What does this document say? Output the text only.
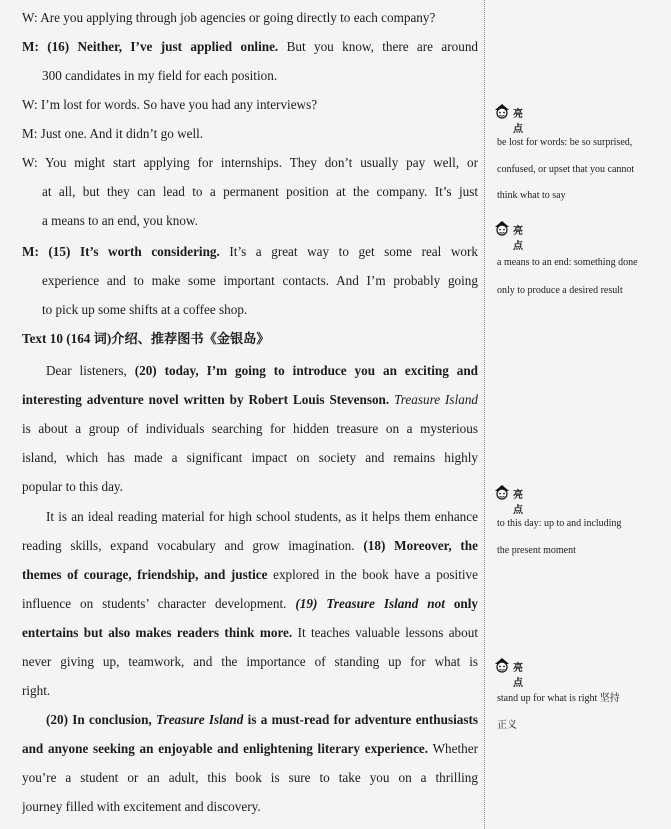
W: Are you applying through job agencies or going directly to each company?
M: (16) Neither, I’ve just applied online. But you know, there are around
300 candidates in my field for each position.
W: I’m lost for words. So have you had any interviews?
M: Just one. And it didn’t go well.
W: You might start applying for internships. They don’t usually pay well, or
at all, but they can lead to a permanent position at the company. It’s just
a means to an end, you know.
M: (15) It’s worth considering. It’s a great way to get some real work
experience and to make some important contacts. And I’m probably going
to pick up some shifts at a coffee shop.
Text 10 (164 词)介绍、推荐图书《金银岛》
Dear listeners, (20) today, I’m going to introduce you an exciting and
interesting adventure novel written by Robert Louis Stevenson. Treasure Island
is about a group of individuals searching for hidden treasure on a mysterious
island, which has made a significant impact on society and remains highly
popular to this day.
It is an ideal reading material for high school students, as it helps them enhance
reading skills, expand vocabulary and grow imagination. (18) Moreover, the
themes of courage, friendship, and justice explored in the book have a positive
influence on students’ character development. (19) Treasure Island not only
entertains but also makes readers think more. It teaches valuable lessons about
never giving up, teamwork, and the importance of standing up for what is
right.
(20) In conclusion, Treasure Island is a must-read for adventure enthusiasts
and anyone seeking an enjoyable and enlightening literary experience. Whether
you’re a student or an adult, this book is sure to take you on a thrilling
journey filled with excitement and discovery.
亮点
be lost for words: be so surprised,
confused, or upset that you cannot
think what to say
亮点
a means to an end: something done
only to produce a desired result
亮点
to this day: up to and including
the present moment
亮点
stand up for what is right 坚持
正义
